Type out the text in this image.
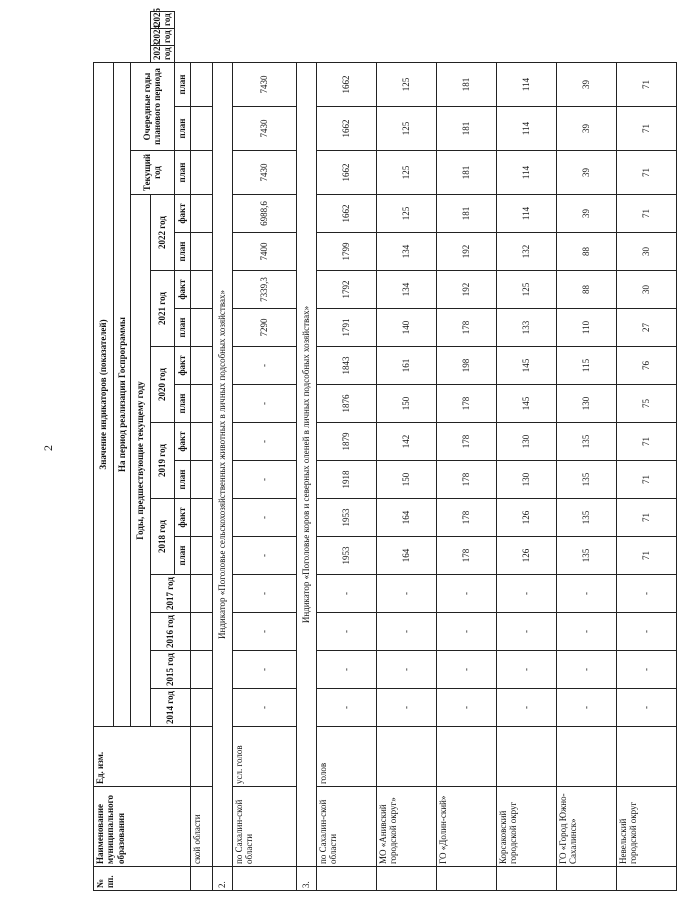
2
№ пп.	Наименование муниципального образования	Ед. изм.	Значение индикаторов (показателей)																			
			На период реализации Госпрограммы																			
			Годы, предшествующие текущему году														Текущий год	Очередные годы планового периода				
			2014 год	2015 год	2016 год	2017 год	2018 год		2019 год		2020 год		2021 год		2022 год					2023 год	2024 год	2025 год
							план	факт	план	факт	план	факт	план	факт	план	факт	план	план	план			
	ской области																					
2.	Индикатор «Поголовье сельскохозяйственных животных в личных подсобных хозяйствах»																					
	по Сахалин-ской области	усл. голов	-	-	-	-	-	-	-	-	-	-	7290	7339,3	7400	6988,6	7430	7430	7430			
3.	Индикатор «Поголовье коров и северных оленей в личных подсобных хозяйствах»																					
	по Сахалин-ской области	голов	-	-	-	-	1953	1953	1918	1879	1876	1843	1791	1792	1799	1662	1662	1662	1662			
	МО «Анивский городской округ»		-	-	-	-	164	164	150	142	150	161	140	134	134	125	125	125	125			
	ГО «Долин-ский»		-	-	-	-	178	178	178	178	178	198	178	192	192	181	181	181	181			
	Корсаковский городской округ		-	-	-	-	126	126	130	130	145	145	133	125	132	114	114	114	114			
	ГО «Город Южно-Сахалинск»		-	-	-	-	135	135	135	135	130	115	110	88	88	39	39	39	39			
	Невельский городской округ		-	-	-	-	71	71	71	71	75	76	27	30	30	71	71	71	71			
